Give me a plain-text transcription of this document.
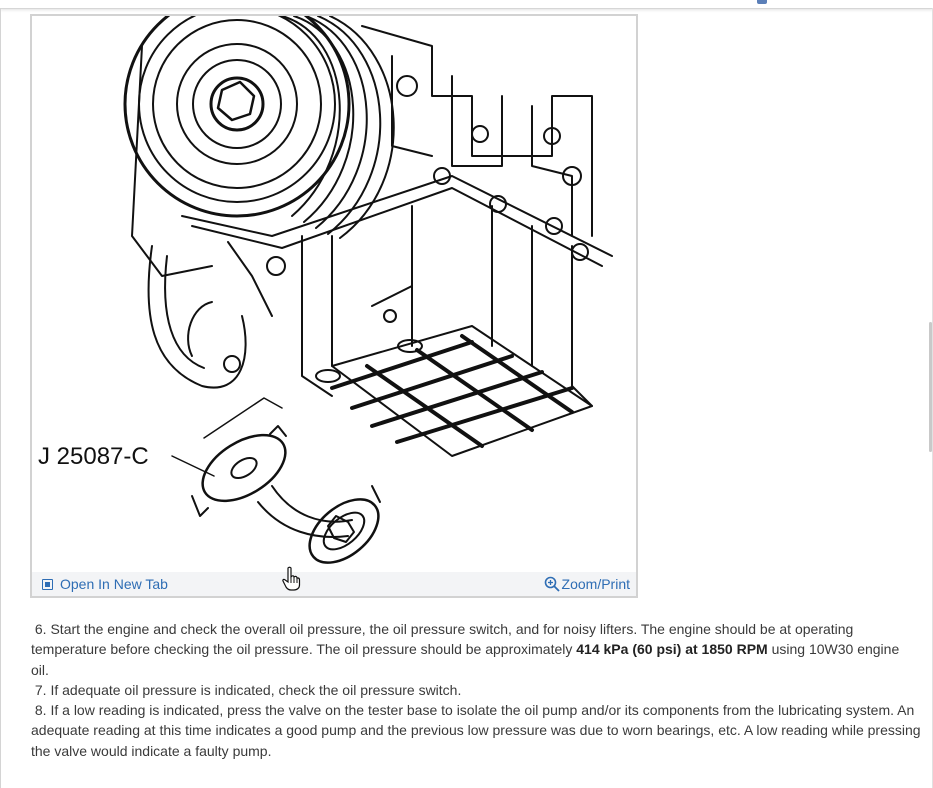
J 25087-C
Open In New Tab	Zoom/Print

6. Start the engine and check the overall oil pressure, the oil pressure switch, and for noisy lifters. The engine should be at operating temperature before checking the oil pressure. The oil pressure should be approximately 414 kPa (60 psi) at 1850 RPM using 10W30 engine oil.

7. If adequate oil pressure is indicated, check the oil pressure switch.

8. If a low reading is indicated, press the valve on the tester base to isolate the oil pump and/or its components from the lubricating system. An adequate reading at this time indicates a good pump and the previous low pressure was due to worn bearings, etc. A low reading while pressing the valve would indicate a faulty pump.
